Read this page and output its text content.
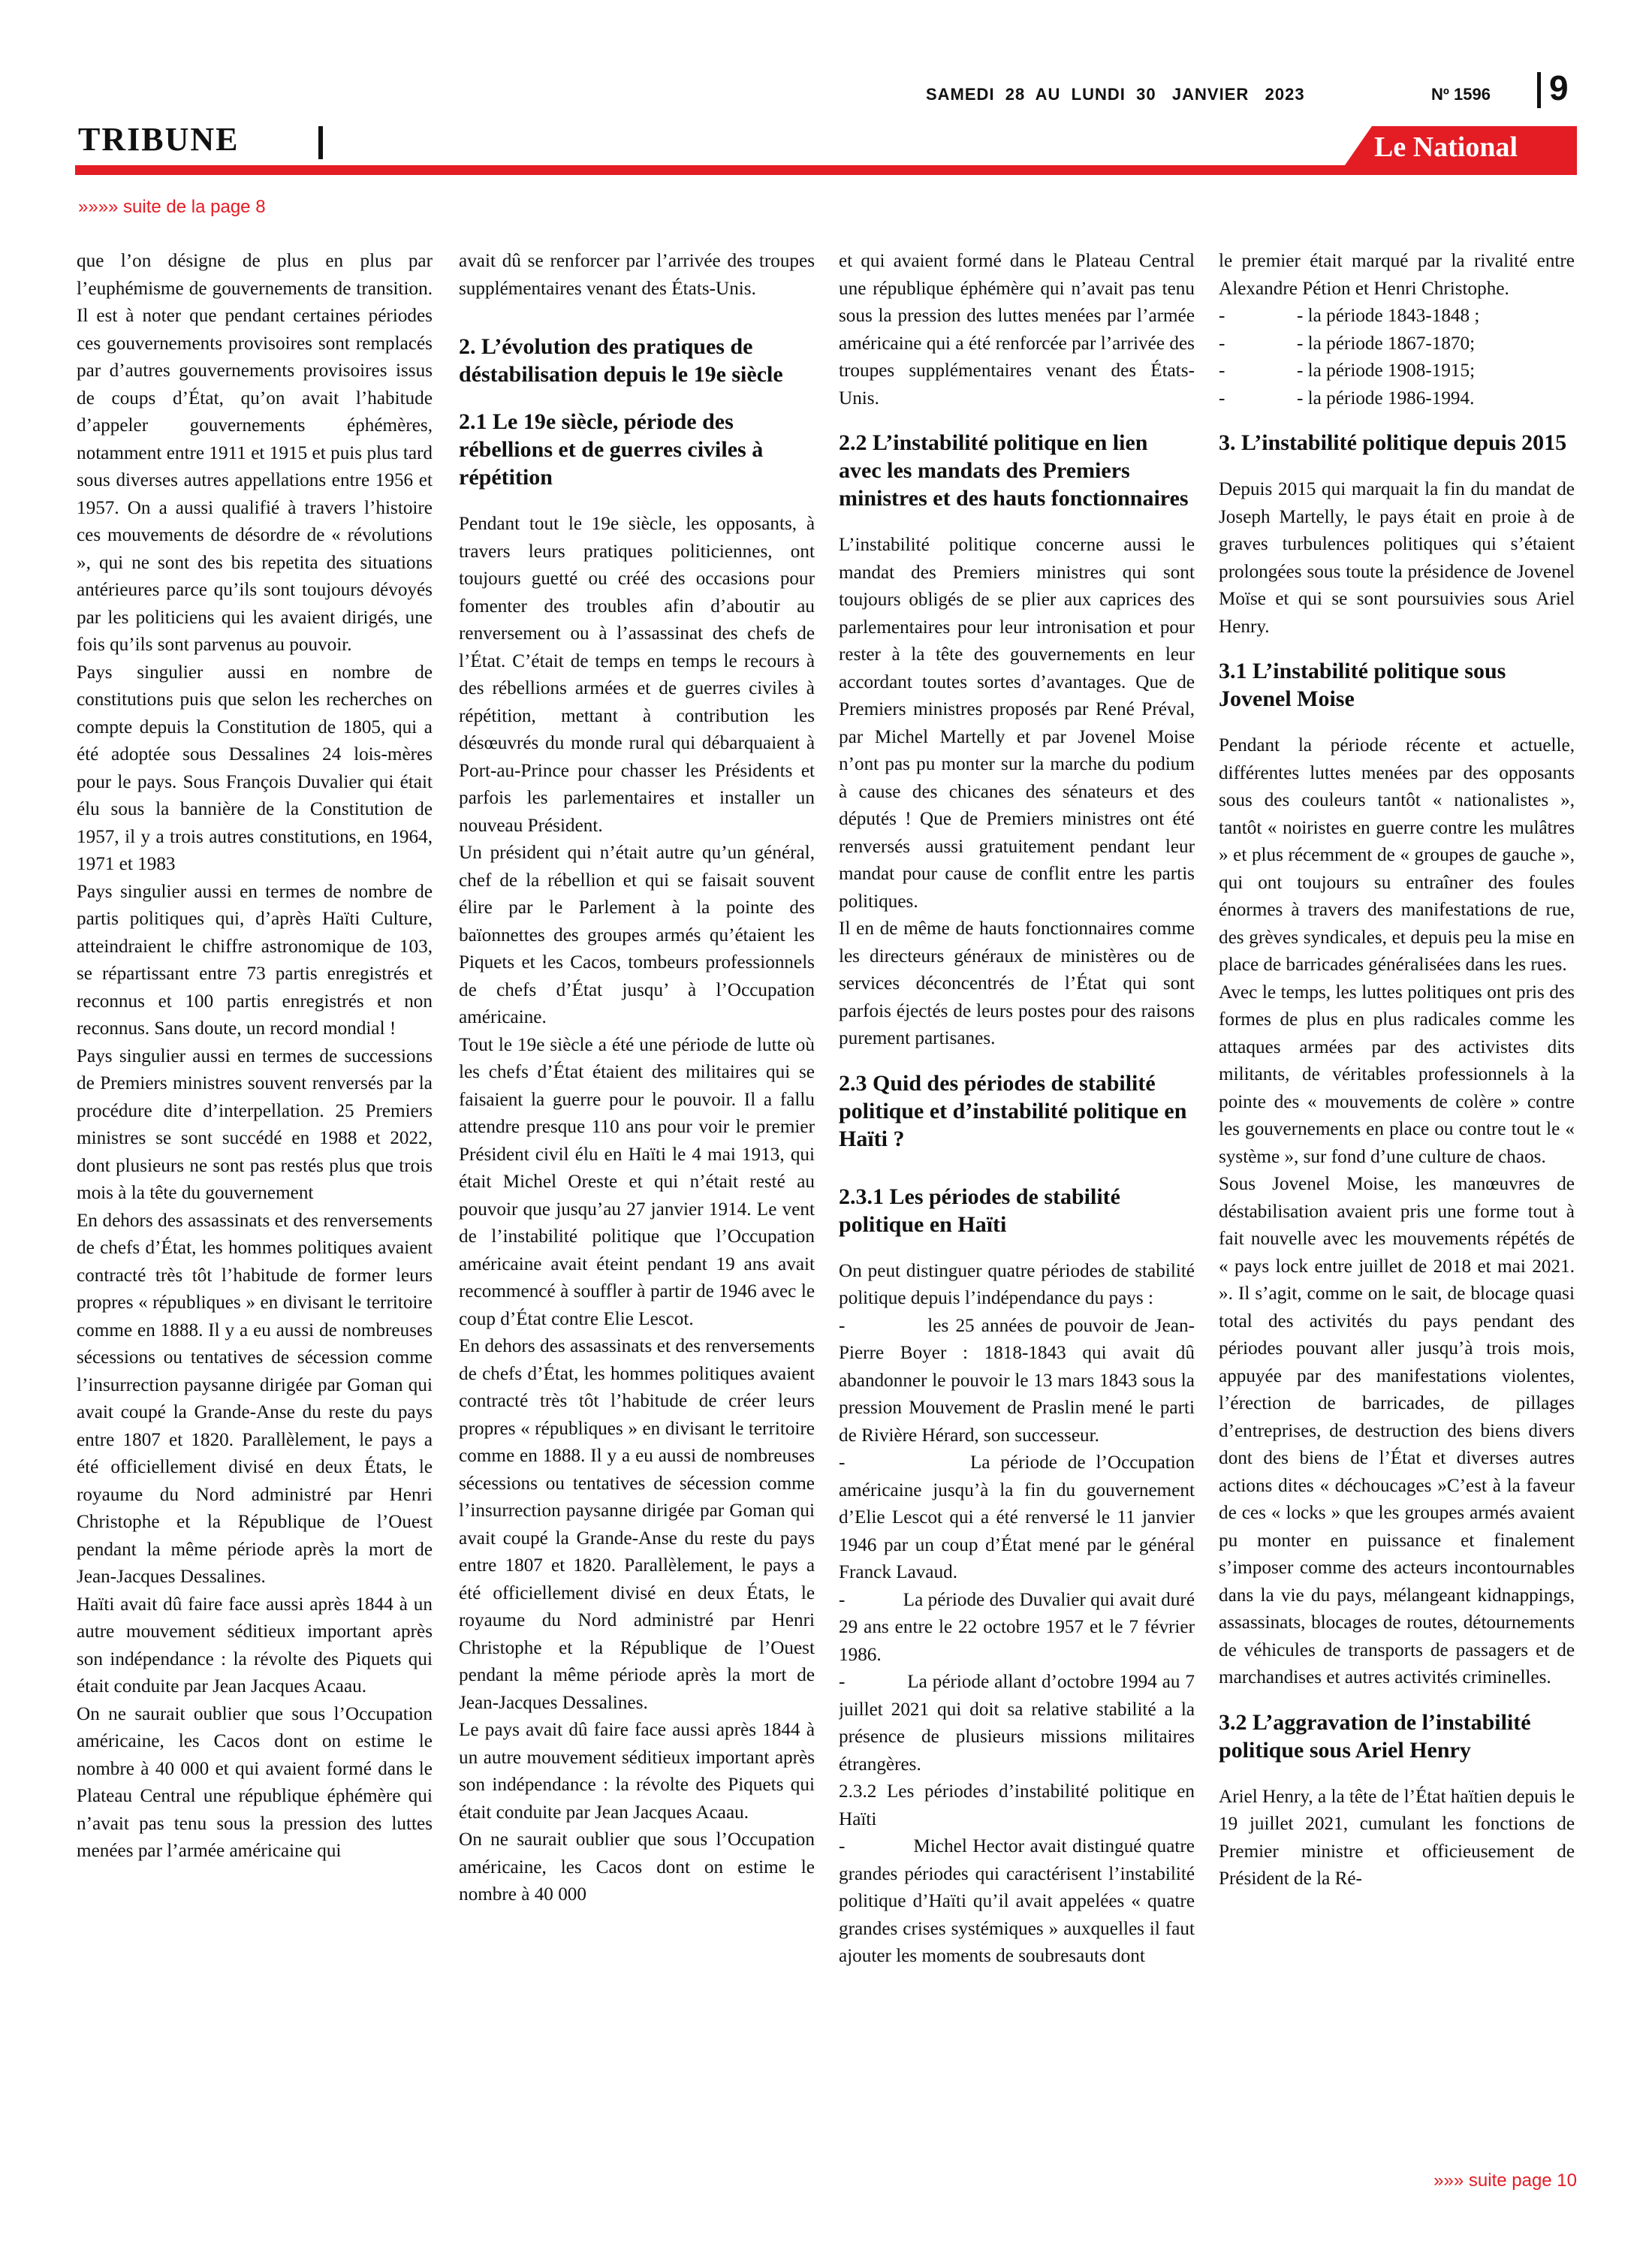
SAMEDI  28  AU  LUNDI  30   JANVIER   2023	Nº 1596 9
TRIBUNE	Le National
»»»» suite de la page 8

que l’on désigne de plus en plus par l’euphémisme de gouvernements de transition. Il est à noter que pendant certaines périodes ces gouvernements provisoires sont remplacés par d’autres gouvernements provisoires issus de coups d’État, qu’on avait l’habitude d’appeler gouvernements éphémères, notamment entre 1911 et 1915 et puis plus tard sous diverses autres appellations entre 1956 et 1957. On a aussi qualifié à travers l’histoire ces mouvements de désordre de « révolutions », qui ne sont des bis repetita des situations antérieures parce qu’ils sont toujours dévoyés par les politiciens qui les avaient dirigés, une fois qu’ils sont parvenus au pouvoir.

Pays singulier aussi en nombre de constitutions puis que selon les recherches on compte depuis la Constitution de 1805, qui a été adoptée sous Dessalines 24 lois-mères pour le pays. Sous François Duvalier qui était élu sous la bannière de la Constitution de 1957, il y a trois autres constitutions, en 1964, 1971 et 1983

Pays singulier aussi en termes de nombre de partis politiques qui, d’après Haïti Culture, atteindraient le chiffre astronomique de 103, se répartissant entre 73 partis enregistrés et reconnus et 100 partis enregistrés et non reconnus. Sans doute, un record mondial !

Pays singulier aussi en termes de successions de Premiers ministres souvent renversés par la procédure dite d’interpellation. 25 Premiers ministres se sont succédé en 1988 et 2022, dont plusieurs ne sont pas restés plus que trois mois à la tête du gouvernement

En dehors des assassinats et des renversements de chefs d’État, les hommes politiques avaient contracté très tôt l’habitude de former leurs propres « républiques » en divisant le territoire comme en 1888. Il y a eu aussi de nombreuses sécessions ou tentatives de sécession comme l’insurrection paysanne dirigée par Goman qui avait coupé la Grande-Anse du reste du pays entre 1807 et 1820. Parallèlement, le pays a été officiellement divisé en deux États, le royaume du Nord administré par Henri Christophe et la République de l’Ouest pendant la même période après la mort de Jean-Jacques Dessalines.

Haïti avait dû faire face aussi après 1844 à un autre mouvement séditieux important après son indépendance : la révolte des Piquets qui était conduite par Jean Jacques Acaau.

On ne saurait oublier que sous l’Occupation américaine, les Cacos dont on estime le nombre à 40 000 et qui avaient formé dans le Plateau Central une république éphémère qui n’avait pas tenu sous la pression des luttes menées par l’armée américaine qui

avait dû se renforcer par l’arrivée des troupes supplémentaires venant des États-Unis.

2. L’évolution des pratiques de déstabilisation depuis le 19e siècle
2.1 Le 19e siècle, période des rébellions et de guerres civiles à répétition

Pendant tout le 19e siècle, les opposants, à travers leurs pratiques politiciennes, ont toujours guetté ou créé des occasions pour fomenter des troubles afin d’aboutir au renversement ou à l’assassinat des chefs de l’État. C’était de temps en temps le recours à des rébellions armées et de guerres civiles à répétition, mettant à contribution les désœuvrés du monde rural qui débarquaient à Port-au-Prince pour chasser les Présidents et parfois les parlementaires et installer un nouveau Président.

Un président qui n’était autre qu’un général, chef de la rébellion et qui se faisait souvent élire par le Parlement à la pointe des baïonnettes des groupes armés qu’étaient les Piquets et les Cacos, tombeurs professionnels de chefs d’État jusqu’ à l’Occupation américaine.

Tout le 19e siècle a été une période de lutte où les chefs d’État étaient des militaires qui se faisaient la guerre pour le pouvoir. Il a fallu attendre presque 110 ans pour voir le premier Président civil élu en Haïti le 4 mai 1913, qui était Michel Oreste et qui n’était resté au pouvoir que jusqu’au 27 janvier 1914. Le vent de l’instabilité politique que l’Occupation américaine avait éteint pendant 19 ans avait recommencé à souffler à partir de 1946 avec le coup d’État contre Elie Lescot.

En dehors des assassinats et des renversements de chefs d’État, les hommes politiques avaient contracté très tôt l’habitude de créer leurs propres « républiques » en divisant le territoire comme en 1888. Il y a eu aussi de nombreuses sécessions ou tentatives de sécession comme l’insurrection paysanne dirigée par Goman qui avait coupé la Grande-Anse du reste du pays entre 1807 et 1820. Parallèlement, le pays a été officiellement divisé en deux États, le royaume du Nord administré par Henri Christophe et la République de l’Ouest pendant la même période après la mort de Jean-Jacques Dessalines.

Le pays avait dû faire face aussi après 1844 à un autre mouvement séditieux important après son indépendance : la révolte des Piquets qui était conduite par Jean Jacques Acaau.

On ne saurait oublier que sous l’Occupation américaine, les Cacos dont on estime le nombre à 40 000

et qui avaient formé dans le Plateau Central une république éphémère qui n’avait pas tenu sous la pression des luttes menées par l’armée américaine qui a été renforcée par l’arrivée des troupes supplémentaires venant des États-Unis.

2.2 L’instabilité politique en lien avec les mandats des Premiers ministres et des hauts fonctionnaires

L’instabilité politique concerne aussi le mandat des Premiers ministres qui sont toujours obligés de se plier aux caprices des parlementaires pour leur intronisation et pour rester à la tête des gouvernements en leur accordant toutes sortes d’avantages. Que de Premiers ministres proposés par René Préval, par Michel Martelly et par Jovenel Moise n’ont pas pu monter sur la marche du podium à cause des chicanes des sénateurs et des députés ! Que de Premiers ministres ont été renversés aussi gratuitement pendant leur mandat pour cause de conflit entre les partis politiques.

Il en de même de hauts fonctionnaires comme les directeurs généraux de ministères ou de services déconcentrés de l’État qui sont parfois éjectés de leurs postes pour des raisons purement partisanes.

2.3 Quid des périodes de stabilité politique et d’instabilité politique en Haïti ?
2.3.1 Les périodes de stabilité politique en Haïti

On peut distinguer quatre périodes de stabilité politique depuis l’indépendance du pays :

-            les 25 années de pouvoir de Jean-Pierre Boyer : 1818-1843 qui avait dû abandonner le pouvoir le 13 mars 1843 sous la pression Mouvement de Praslin mené le parti de Rivière Hérard, son successeur.

-            La période de l’Occupation américaine jusqu’à la fin du gouvernement d’Elie Lescot qui a été renversé le 11 janvier 1946 par un coup d’État mené par le général Franck Lavaud.

-            La période des Duvalier qui avait duré 29 ans entre le 22 octobre 1957 et le 7 février 1986.

-            La période allant d’octobre 1994 au 7 juillet 2021 qui doit sa relative stabilité a la présence de plusieurs missions militaires étrangères.

2.3.2 Les périodes d’instabilité politique en Haïti

-            Michel Hector avait distingué quatre grandes périodes qui caractérisent l’instabilité politique d’Haïti qu’il avait appelées « quatre grandes crises systémiques » auxquelles il faut ajouter les moments de soubresauts dont

le premier était marqué par la rivalité entre Alexandre Pétion et Henri Christophe.

-	- la période 1843-1848 ;
-	- la période 1867-1870;
-	- la période 1908-1915;
-	- la période 1986-1994.
3. L’instabilité politique depuis 2015

Depuis 2015 qui marquait la fin du mandat de Joseph Martelly, le pays était en proie à de graves turbulences politiques qui s’étaient prolongées sous toute la présidence de Jovenel Moïse et qui se sont poursuivies sous Ariel Henry.

3.1 L’instabilité politique sous Jovenel Moise

Pendant la période récente et actuelle, différentes luttes menées par des opposants sous des couleurs tantôt « nationalistes », tantôt « noiristes en guerre contre les mulâtres » et plus récemment de « groupes de gauche », qui ont toujours su entraîner des foules énormes à travers des manifestations de rue, des grèves syndicales, et depuis peu la mise en place de barricades généralisées dans les rues.

Avec le temps, les luttes politiques ont pris des formes de plus en plus radicales comme les attaques armées par des activistes dits militants, de véritables professionnels à la pointe des « mouvements de colère » contre les gouvernements en place ou contre tout le « système », sur fond d’une culture de chaos.

Sous Jovenel Moise, les manœuvres de déstabilisation avaient pris une forme tout à fait nouvelle avec les mouvements répétés de « pays lock entre juillet de 2018 et mai 2021. ». Il s’agit, comme on le sait, de blocage quasi total des activités du pays pendant des périodes pouvant aller jusqu’à trois mois, appuyée par des manifestations violentes, l’érection de barricades, de pillages d’entreprises, de destruction des biens divers dont des biens de l’État et diverses autres actions dites « déchoucages »C’est à la faveur de ces « locks » que les groupes armés avaient pu monter en puissance et finalement s’imposer comme des acteurs incontournables dans la vie du pays, mélangeant kidnappings, assassinats, blocages de routes, détournements de véhicules de transports de passagers et de marchandises et autres activités criminelles.

3.2 L’aggravation de l’instabilité politique sous Ariel Henry

Ariel Henry, a la tête de l’État haïtien depuis le 19 juillet 2021, cumulant les fonctions de Premier ministre et officieusement de Président de la Ré-

»»» suite page 10
